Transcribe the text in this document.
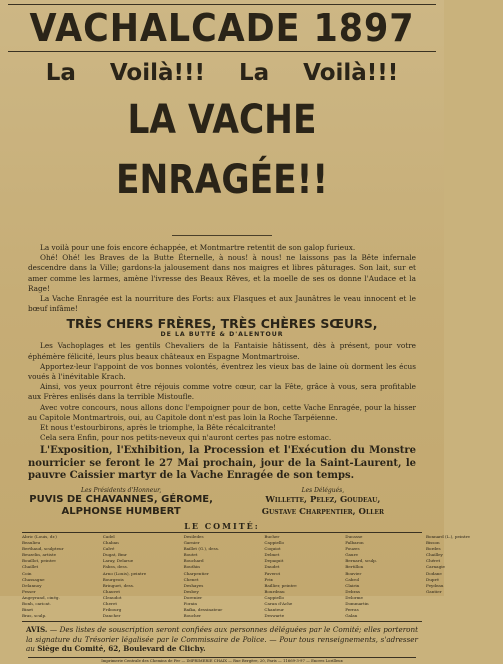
VACHALCADE 1897
La Voilà!!! La Voilà!!!
LA VACHE ENRAGÉE!!

La voilà pour une fois encore échappée, et Montmartre retentit de son galop furieux.

Ohé! Ohé! les Braves de la Butte Éternelle, à nous! à nous! ne laissons pas la Bête infernale descendre dans la Ville; gardons-la jalousement dans nos maigres et libres pâturages. Son lait, sur et amer comme les larmes, amène l'ivresse des Beaux Rêves, et la moelle de ses os donne l'Audace et la Rage!

La Vache Enragée est la nourriture des Forts: aux Flasques et aux Jaunâtres le veau innocent et le bœuf infâme!

TRÈS CHERS FRÈRES, TRÈS CHÈRES SŒURS,
DE LA BUTTE & D'ALENTOUR

Les Vachoplages et les gentils Chevaliers de la Fantaisie hâtissent, dès à présent, pour votre éphémère félicité, leurs plus beaux châteaux en Espagne Montmartroise.

Apportez-leur l'appoint de vos bonnes volontés, éventrez les vieux bas de laine où dorment les écus voués à l'inévitable Krach.

Ainsi, vos yeux pourront être réjouis comme votre cœur, car la Fête, grâce à vous, sera profitable aux Frères enlisés dans la terrible Mistoufle.

Avec votre concours, nous allons donc l'empoigner pour de bon, cette Vache Enragée, pour la hisser au Capitole Montmartrois, oui, au Capitole dont n'est pas loin la Roche Tarpéienne.

Et nous t'estourbirons, après le triomphe, la Bête récalcitrante!

Cela sera Enfin, pour nos petits-neveux qui n'auront certes pas notre estomac.

L'Exposition, l'Exhibition, la Procession et l'Exécution du Monstre nourricier se feront le 27 Mai prochain, jour de la Saint-Laurent, le pauvre Caissier martyr de la Vache Enragée de son temps.

Les Présidents d'Honneur,
PUVIS DE CHAVANNES, GÉROME,
ALPHONSE HUMBERT
Les Délégués,
Willette, Pelez, Goudeau,
Gustave Charpentier, Oller
LE COMITÉ:
Abric (Louis, dr.)
Beaulieu
Berthaud, sculpteur
Beuzelin, artiste
Bouillot, peintre
Chaillet
Coin
Chassagne
Delannoy
Fesser
Angeyrand, cinég.
Bonh, caricat.
Binet
Bras, sculp.
Cadel
Chaban
Calvé
Dugat, Bmr
Laray, Delarue
Fabra, dess.
Arno (Louis), peintre
Bourgeois
Bringuet, dess.
Chauvet
Cleaudot
Cheret
Fribourg
Dancher
Desiledes
Garnier
Baillet (G.), dess.
Boutet
Bouchard
Bouthin
Charpentier
Chenet
Deshayes
Desbey
Dorenier
Forain
Baïka, dessinateur
Boucher
Bucher
Cappiello
Coquiot
Delmet
Depaquit
Daudet
Faverot
Frix
Baillier, peintre
Bourdeau
Cappiello
Caran d'Ache
Chanteur
Deswarte
Ducasse
Falbaron
Fouzes
Gaure
Bernard, sculp.
Bertillon
Bouvier
Cabrol
Clairin
Debras
Delorme
Dommartin
Ferras
Galan
Bonnard (L.), peintre
Bisson
Bordes
Chailley
Chéret
Carnagie
Dodane
Dupré
Feydeau
Gantier

AVIS. — Des listes de souscription seront confiées aux personnes déléguées par le Comité; elles porteront la signature du Trésorier légalisée par le Commissaire de Police. — Pour tous renseignements, s'adresser au Siège du Comité, 62, Boulevard de Clichy.

Imprimerie Centrale des Chemins de Fer — IMPRIMERIE CHAIX — Rue Bergère, 20, Paris — 11669-3-97 — Encres Lorilleux
